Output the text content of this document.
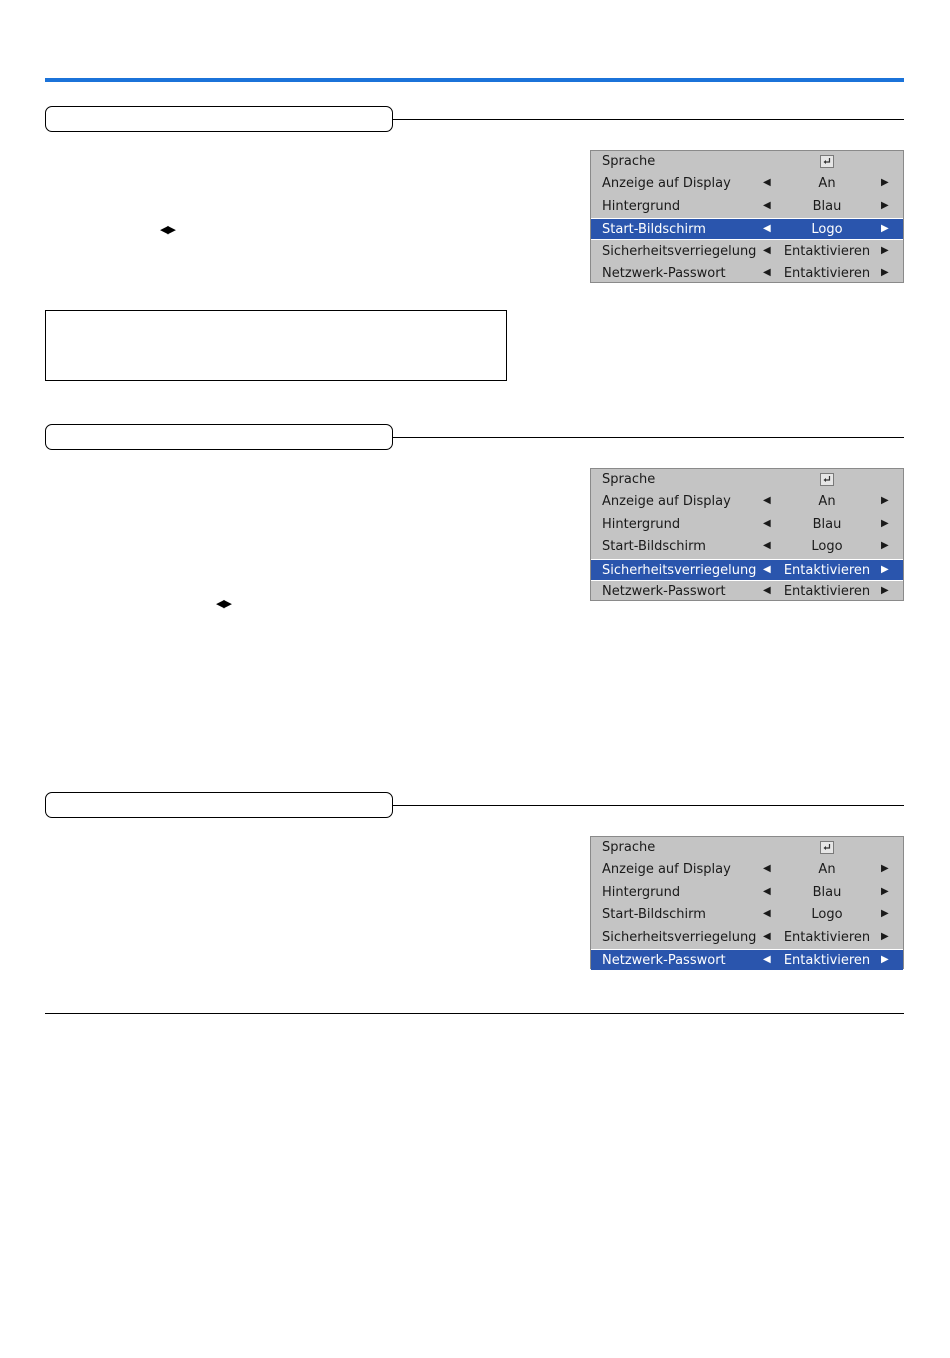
◀▶
Sprache
Anzeige auf Display	◀	An	▶
Hintergrund	◀	Blau	▶
Start-Bildschirm	◀	Logo	▶
Sicherheitsverriegelung ◀ Entaktivieren ▶
Netzwerk-Passwort	◀ Entaktivieren ▶
◀▶
Sprache
Anzeige auf Display	◀	An	▶
Hintergrund	◀	Blau	▶
Start-Bildschirm	◀	Logo	▶
Sicherheitsverriegelung ◀ Entaktivieren ▶
Netzwerk-Passwort	◀ Entaktivieren ▶
Sprache
Anzeige auf Display	◀	An	▶
Hintergrund	◀	Blau	▶
Start-Bildschirm	◀	Logo	▶
Sicherheitsverriegelung ◀ Entaktivieren ▶
Netzwerk-Passwort	◀ Entaktivieren ▶
